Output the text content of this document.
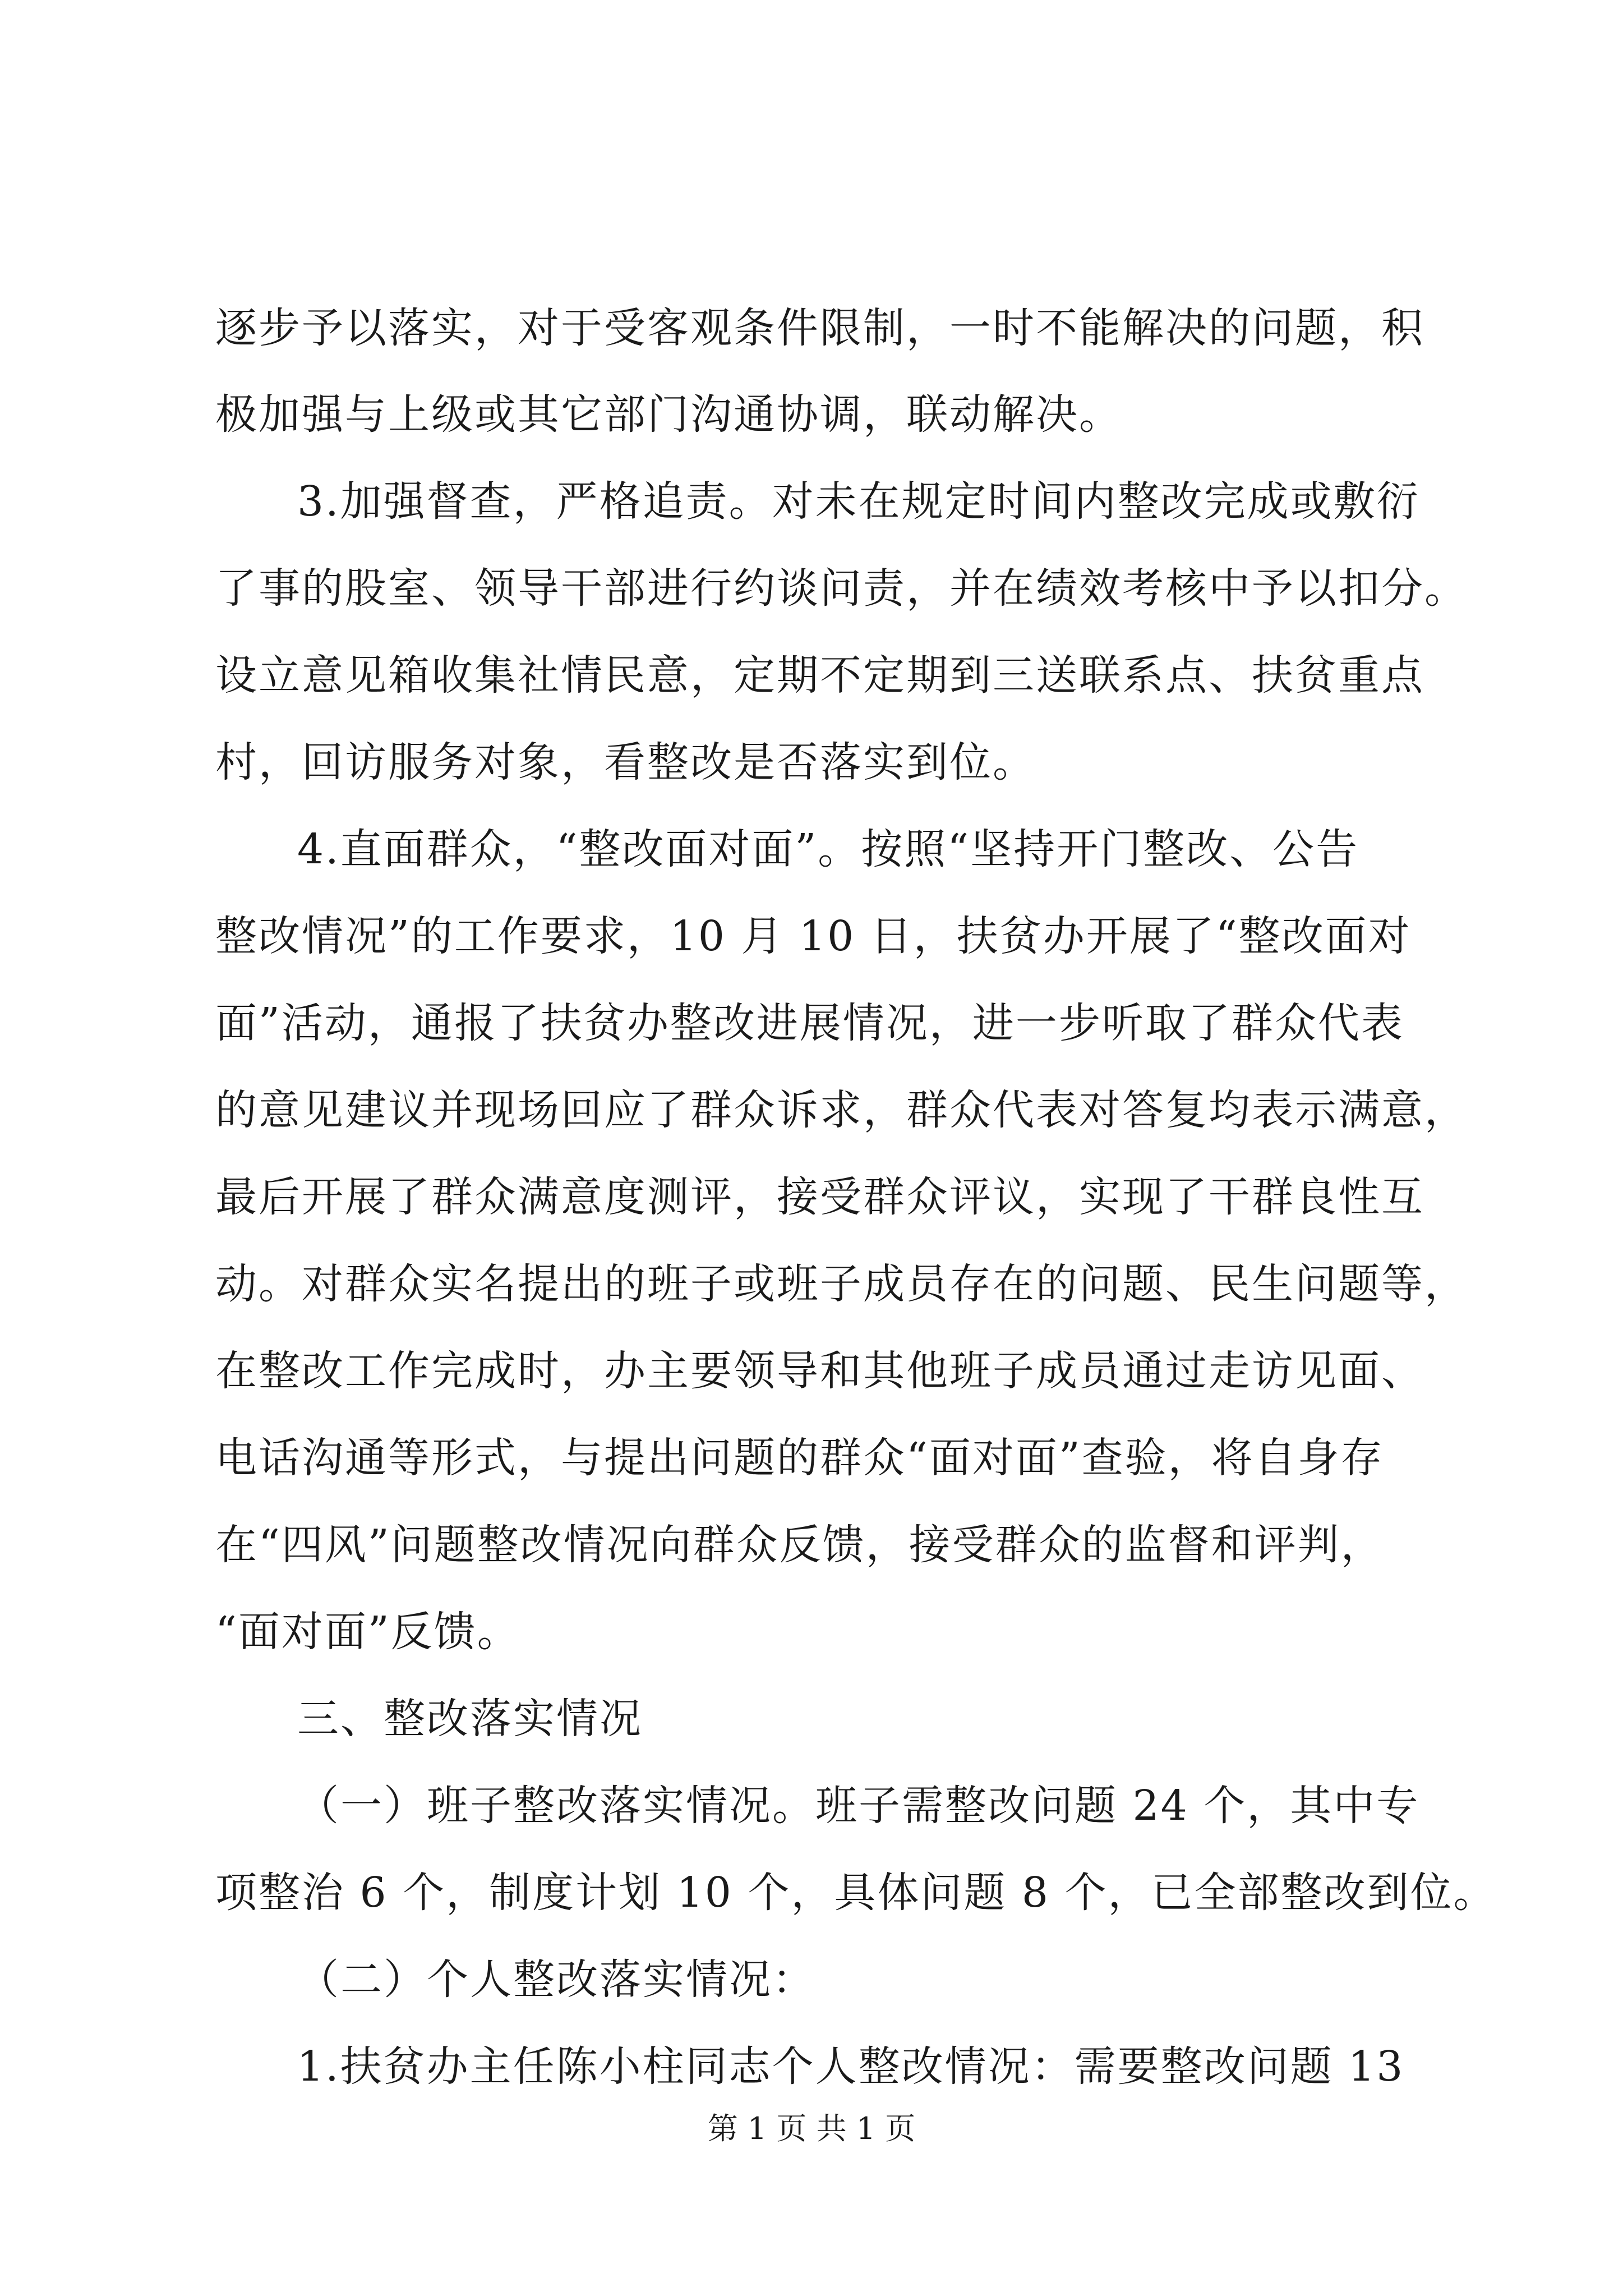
逐步予以落实，对于受客观条件限制，一时不能解决的问题，积
极加强与上级或其它部门沟通协调，联动解决。
3.加强督查，严格追责。对未在规定时间内整改完成或敷衍
了事的股室、领导干部进行约谈问责，并在绩效考核中予以扣分。
设立意见箱收集社情民意，定期不定期到三送联系点、扶贫重点
村，回访服务对象，看整改是否落实到位。
4.直面群众，“整改面对面”。按照“坚持开门整改、公告
整改情况”的工作要求，10 月 10 日，扶贫办开展了“整改面对
面”活动，通报了扶贫办整改进展情况，进一步听取了群众代表
的意见建议并现场回应了群众诉求，群众代表对答复均表示满意，
最后开展了群众满意度测评，接受群众评议，实现了干群良性互
动。对群众实名提出的班子或班子成员存在的问题、民生问题等，
在整改工作完成时，办主要领导和其他班子成员通过走访见面、
电话沟通等形式，与提出问题的群众“面对面”查验，将自身存
在“四风”问题整改情况向群众反馈，接受群众的监督和评判，
“面对面”反馈。
三、整改落实情况
（一）班子整改落实情况。班子需整改问题 24 个，其中专
项整治 6 个，制度计划 10 个，具体问题 8 个，已全部整改到位。
（二）个人整改落实情况：
1.扶贫办主任陈小柱同志个人整改情况：需要整改问题 13
第 1 页 共 1 页
